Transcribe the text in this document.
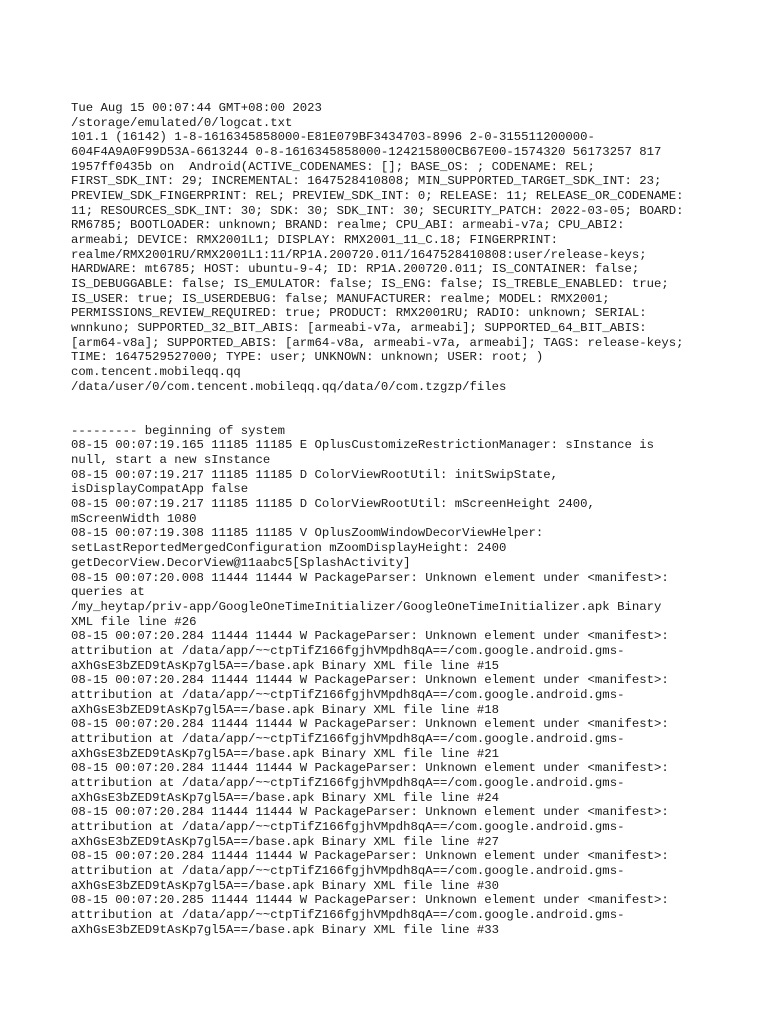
Tue Aug 15 00:07:44 GMT+08:00 2023
/storage/emulated/0/logcat.txt
101.1 (16142) 1-8-1616345858000-E81E079BF3434703-8996 2-0-315511200000-
604F4A9A0F99D53A-6613244 0-8-1616345858000-124215800CB67E00-1574320 56173257 817
1957ff0435b on  Android(ACTIVE_CODENAMES: []; BASE_OS: ; CODENAME: REL;
FIRST_SDK_INT: 29; INCREMENTAL: 1647528410808; MIN_SUPPORTED_TARGET_SDK_INT: 23;
PREVIEW_SDK_FINGERPRINT: REL; PREVIEW_SDK_INT: 0; RELEASE: 11; RELEASE_OR_CODENAME:
11; RESOURCES_SDK_INT: 30; SDK: 30; SDK_INT: 30; SECURITY_PATCH: 2022-03-05; BOARD:
RM6785; BOOTLOADER: unknown; BRAND: realme; CPU_ABI: armeabi-v7a; CPU_ABI2:
armeabi; DEVICE: RMX2001L1; DISPLAY: RMX2001_11_C.18; FINGERPRINT:
realme/RMX2001RU/RMX2001L1:11/RP1A.200720.011/1647528410808:user/release-keys;
HARDWARE: mt6785; HOST: ubuntu-9-4; ID: RP1A.200720.011; IS_CONTAINER: false;
IS_DEBUGGABLE: false; IS_EMULATOR: false; IS_ENG: false; IS_TREBLE_ENABLED: true;
IS_USER: true; IS_USERDEBUG: false; MANUFACTURER: realme; MODEL: RMX2001;
PERMISSIONS_REVIEW_REQUIRED: true; PRODUCT: RMX2001RU; RADIO: unknown; SERIAL:
wnnkuno; SUPPORTED_32_BIT_ABIS: [armeabi-v7a, armeabi]; SUPPORTED_64_BIT_ABIS:
[arm64-v8a]; SUPPORTED_ABIS: [arm64-v8a, armeabi-v7a, armeabi]; TAGS: release-keys;
TIME: 1647529527000; TYPE: user; UNKNOWN: unknown; USER: root; )
com.tencent.mobileqq.qq
/data/user/0/com.tencent.mobileqq.qq/data/0/com.tzgzp/files
--------- beginning of system
08-15 00:07:19.165 11185 11185 E OplusCustomizeRestrictionManager: sInstance is
null, start a new sInstance
08-15 00:07:19.217 11185 11185 D ColorViewRootUtil: initSwipState,
isDisplayCompatApp false
08-15 00:07:19.217 11185 11185 D ColorViewRootUtil: mScreenHeight 2400,
mScreenWidth 1080
08-15 00:07:19.308 11185 11185 V OplusZoomWindowDecorViewHelper:
setLastReportedMergedConfiguration mZoomDisplayHeight: 2400
getDecorView.DecorView@11aabc5[SplashActivity]
08-15 00:07:20.008 11444 11444 W PackageParser: Unknown element under <manifest>:
queries at
/my_heytap/priv-app/GoogleOneTimeInitializer/GoogleOneTimeInitializer.apk Binary
XML file line #26
08-15 00:07:20.284 11444 11444 W PackageParser: Unknown element under <manifest>:
attribution at /data/app/~~ctpTifZ166fgjhVMpdh8qA==/com.google.android.gms-
aXhGsE3bZED9tAsKp7gl5A==/base.apk Binary XML file line #15
08-15 00:07:20.284 11444 11444 W PackageParser: Unknown element under <manifest>:
attribution at /data/app/~~ctpTifZ166fgjhVMpdh8qA==/com.google.android.gms-
aXhGsE3bZED9tAsKp7gl5A==/base.apk Binary XML file line #18
08-15 00:07:20.284 11444 11444 W PackageParser: Unknown element under <manifest>:
attribution at /data/app/~~ctpTifZ166fgjhVMpdh8qA==/com.google.android.gms-
aXhGsE3bZED9tAsKp7gl5A==/base.apk Binary XML file line #21
08-15 00:07:20.284 11444 11444 W PackageParser: Unknown element under <manifest>:
attribution at /data/app/~~ctpTifZ166fgjhVMpdh8qA==/com.google.android.gms-
aXhGsE3bZED9tAsKp7gl5A==/base.apk Binary XML file line #24
08-15 00:07:20.284 11444 11444 W PackageParser: Unknown element under <manifest>:
attribution at /data/app/~~ctpTifZ166fgjhVMpdh8qA==/com.google.android.gms-
aXhGsE3bZED9tAsKp7gl5A==/base.apk Binary XML file line #27
08-15 00:07:20.284 11444 11444 W PackageParser: Unknown element under <manifest>:
attribution at /data/app/~~ctpTifZ166fgjhVMpdh8qA==/com.google.android.gms-
aXhGsE3bZED9tAsKp7gl5A==/base.apk Binary XML file line #30
08-15 00:07:20.285 11444 11444 W PackageParser: Unknown element under <manifest>:
attribution at /data/app/~~ctpTifZ166fgjhVMpdh8qA==/com.google.android.gms-
aXhGsE3bZED9tAsKp7gl5A==/base.apk Binary XML file line #33
